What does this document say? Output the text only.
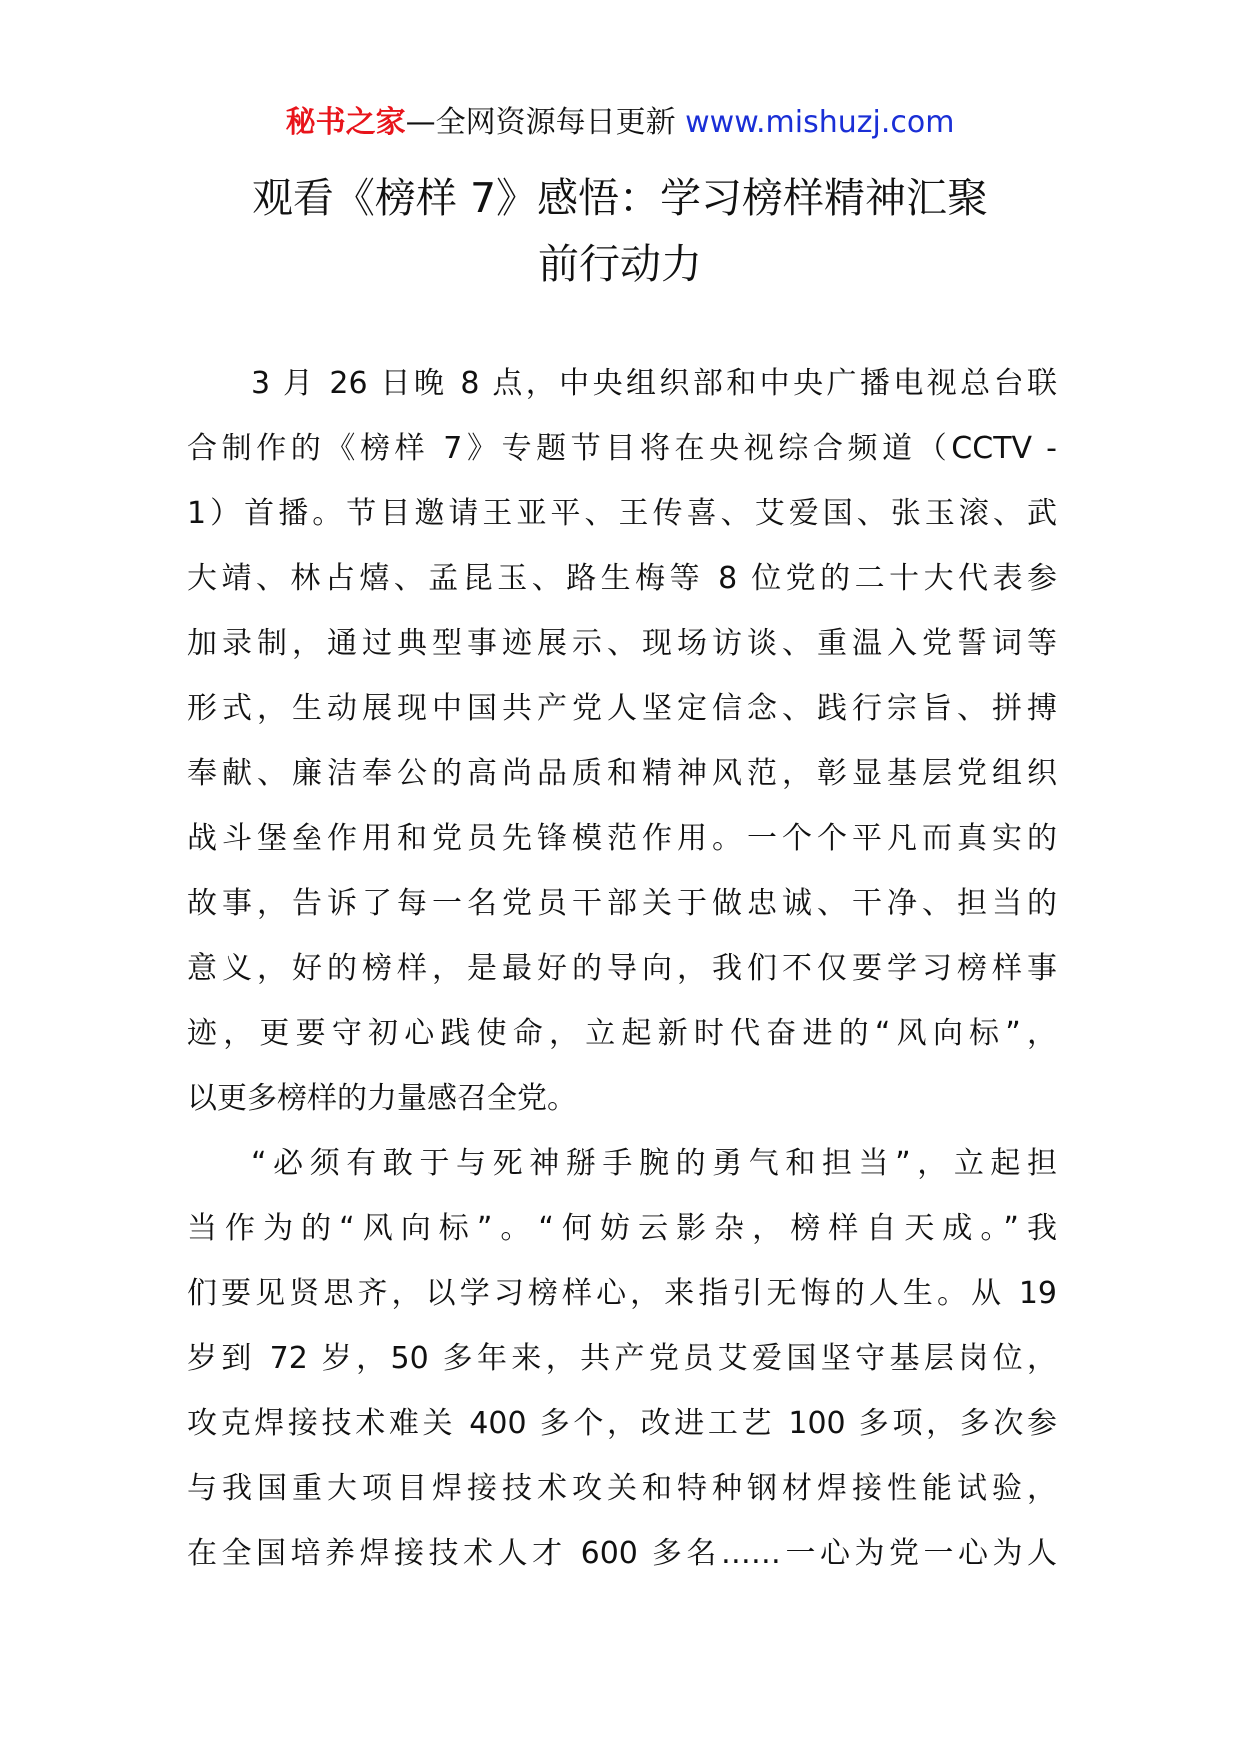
秘书之家—全网资源每日更新 www.mishuzj.com
观看《榜样 7》感悟：学习榜样精神汇聚
前行动力
3 月 26 日晚 8 点，中央组织部和中央广播电视总台联
合制作的《榜样 7》专题节目将在央视综合频道（CCTV -
1）首播。节目邀请王亚平、王传喜、艾爱国、张玉滚、武
大靖、林占熺、孟昆玉、路生梅等 8 位党的二十大代表参
加录制，通过典型事迹展示、现场访谈、重温入党誓词等
形式，生动展现中国共产党人坚定信念、践行宗旨、拼搏
奉献、廉洁奉公的高尚品质和精神风范，彰显基层党组织
战斗堡垒作用和党员先锋模范作用。一个个平凡而真实的
故事，告诉了每一名党员干部关于做忠诚、干净、担当的
意义，好的榜样，是最好的导向，我们不仅要学习榜样事
迹，更要守初心践使命，立起新时代奋进的“风向标”，
以更多榜样的力量感召全党。
“必须有敢于与死神掰手腕的勇气和担当”，立起担
当作为的“风向标”。“何妨云影杂，榜样自天成。”我
们要见贤思齐，以学习榜样心，来指引无悔的人生。从 19
岁到 72 岁，50 多年来，共产党员艾爱国坚守基层岗位，
攻克焊接技术难关 400 多个，改进工艺 100 多项，多次参
与我国重大项目焊接技术攻关和特种钢材焊接性能试验，
在全国培养焊接技术人才 600 多名……一心为党一心为人
